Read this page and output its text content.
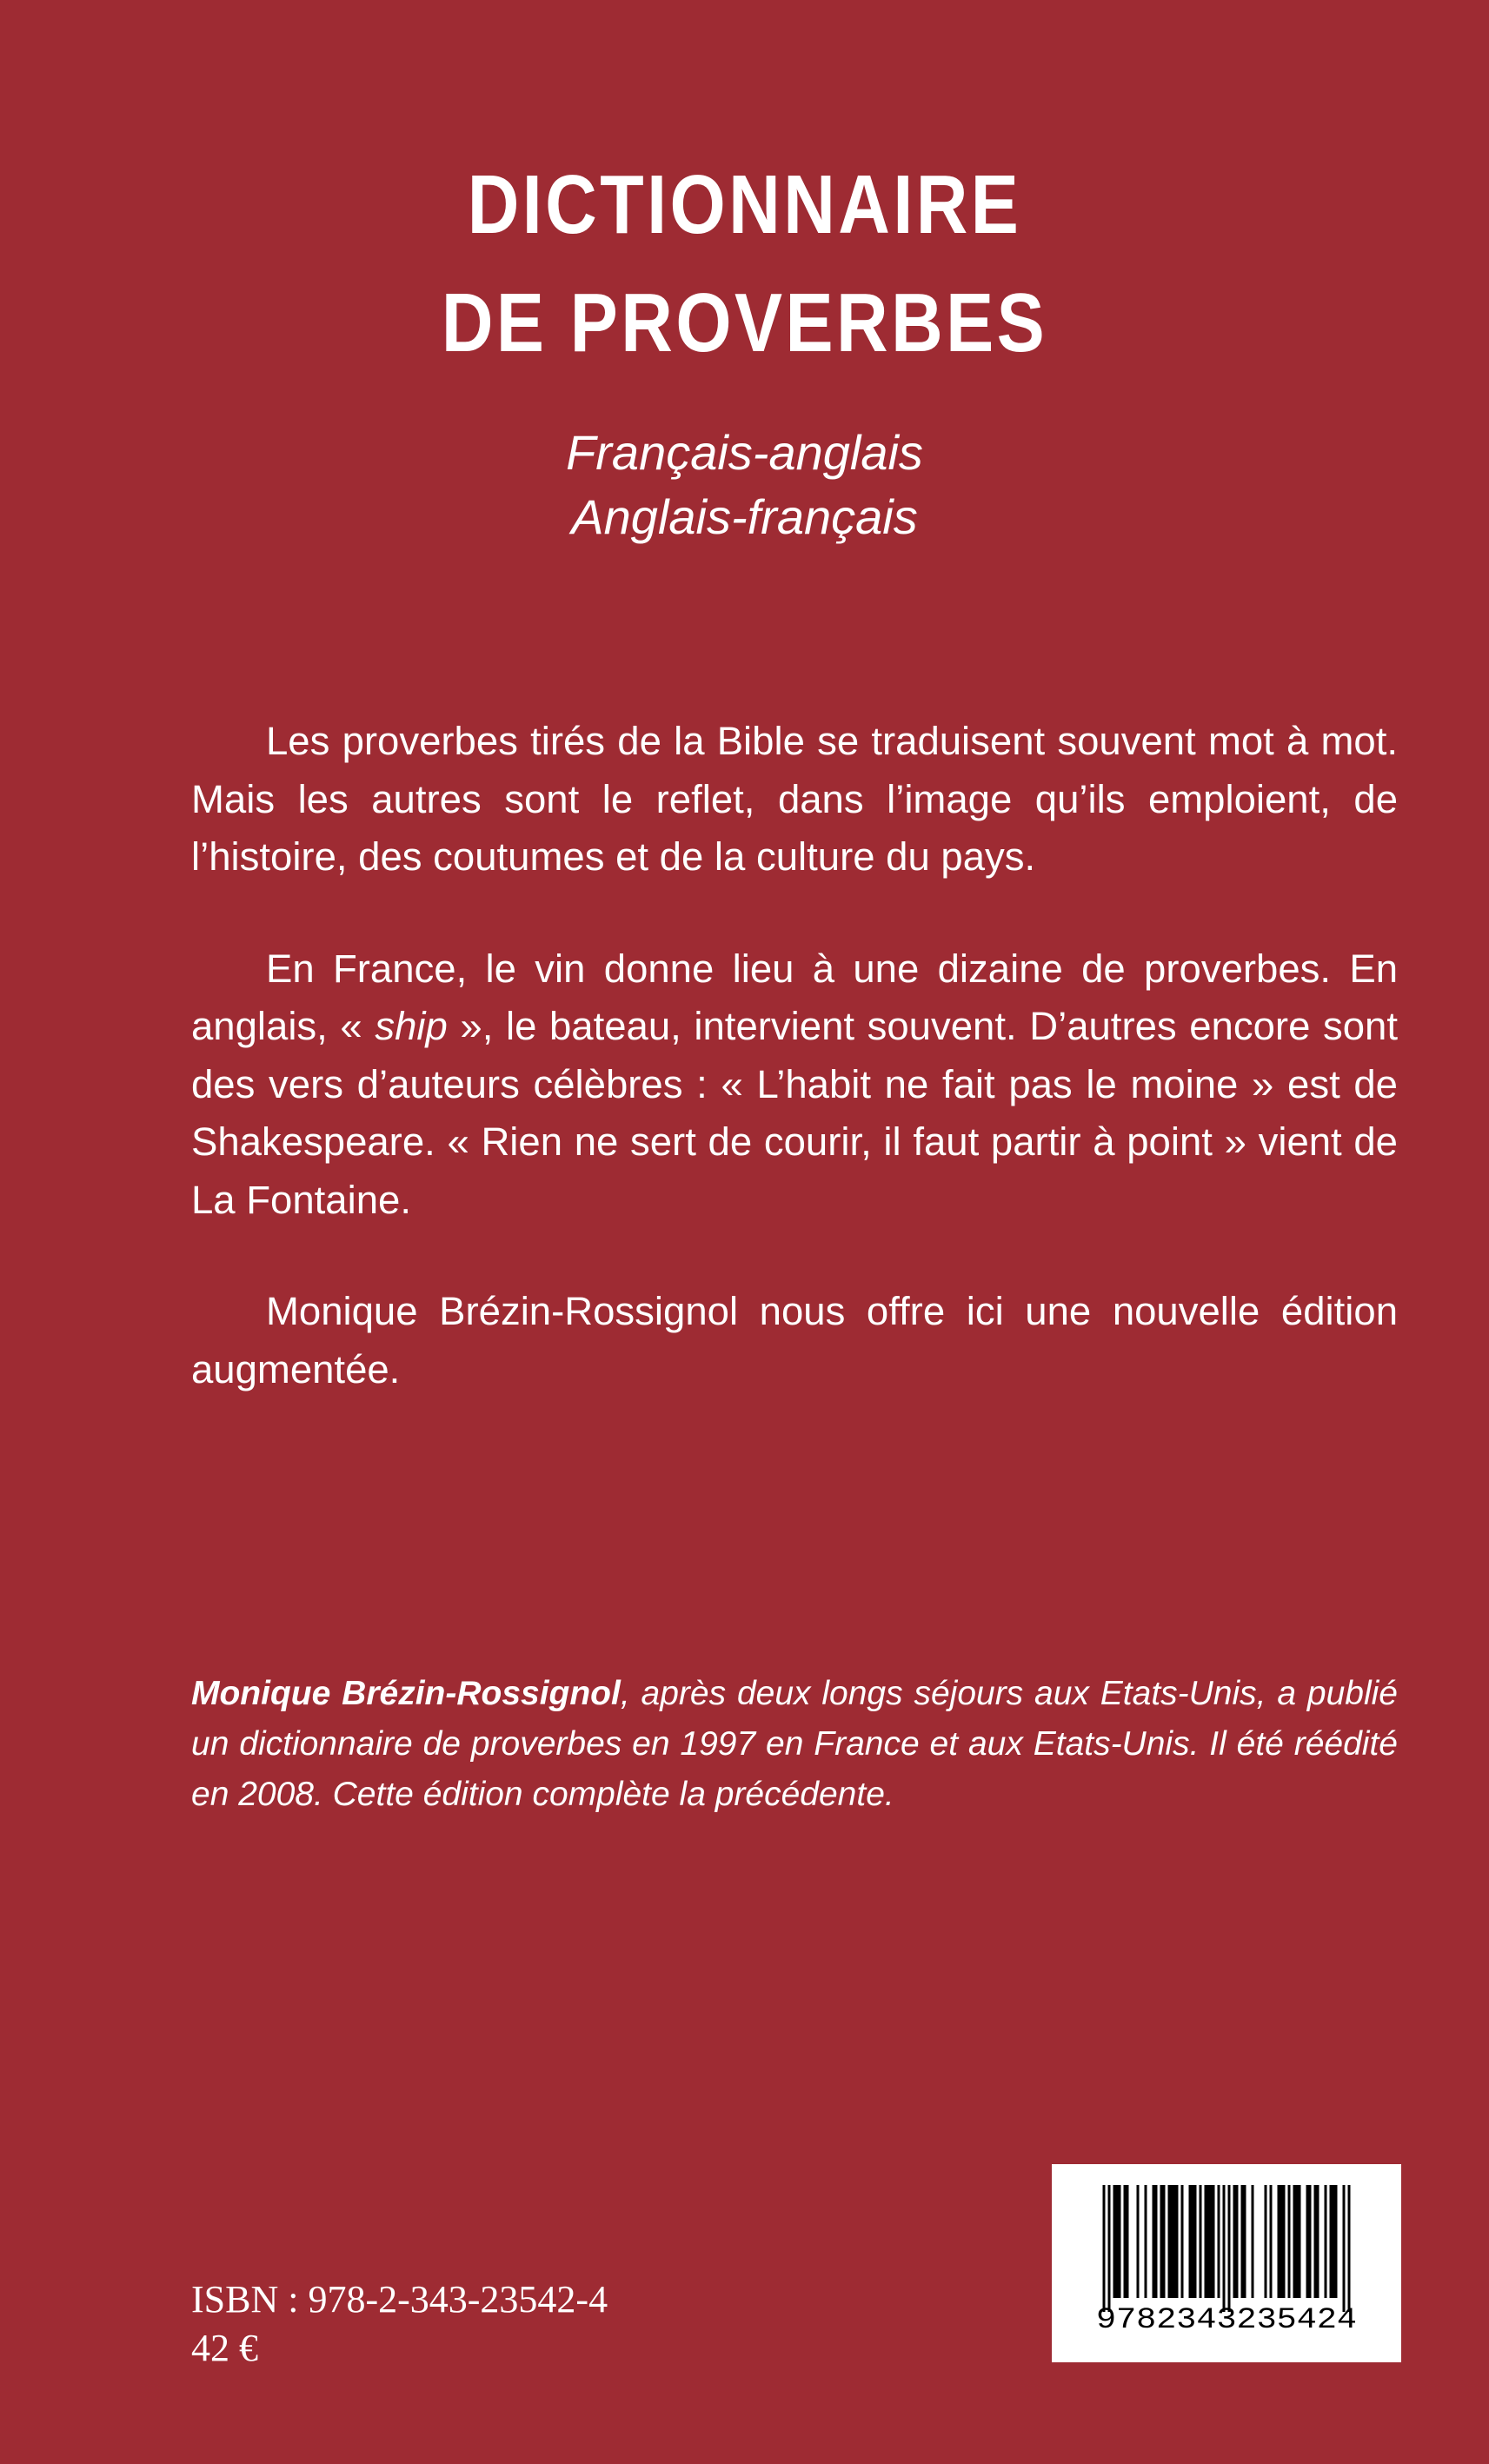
DICTIONNAIRE
DE PROVERBES
Français-anglais
Anglais-français

Les proverbes tirés de la Bible se traduisent souvent mot à mot. Mais les autres sont le reflet, dans l’image qu’ils emploient, de l’histoire, des coutumes et de la culture du pays.

En France, le vin donne lieu à une dizaine de proverbes. En anglais, « ship », le bateau, intervient souvent. D’autres encore sont des vers d’auteurs célèbres : « L’habit ne fait pas le moine » est de Shakespeare. « Rien ne sert de courir, il faut partir à point » vient de La Fontaine.

Monique Brézin-Rossignol nous offre ici une nouvelle édition augmentée.

Monique Brézin-Rossignol, après deux longs séjours aux Etats-Unis, a publié un dictionnaire de proverbes en 1997 en France et aux Etats-Unis. Il été réédité en 2008. Cette édition complète la précédente.
ISBN : 978-2-343-23542-4
42 €
9782343235424
